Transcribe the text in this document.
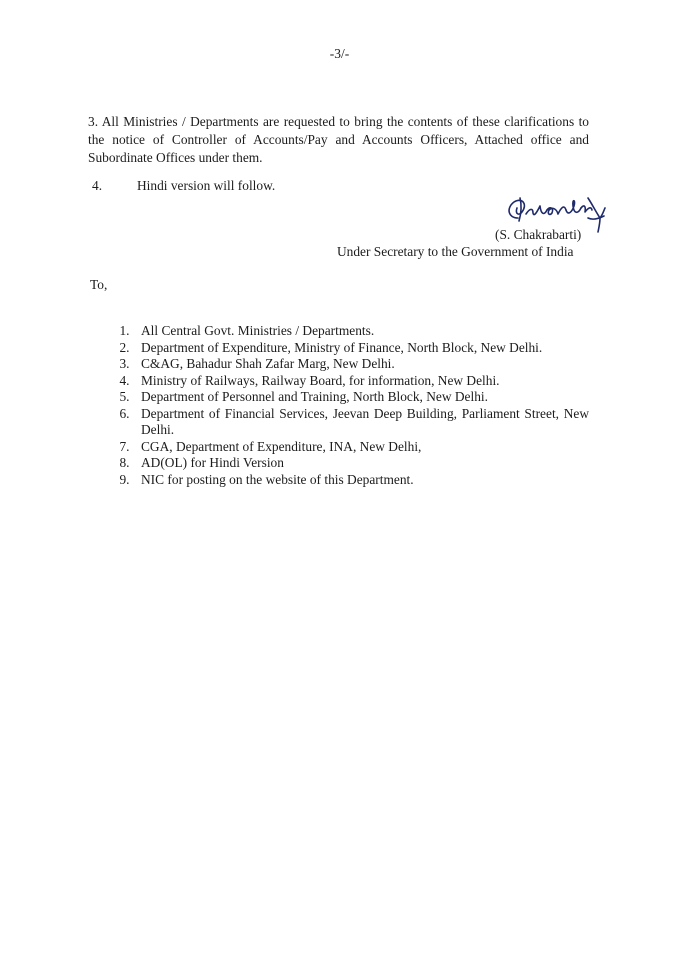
-3/-

3. All Ministries / Departments are requested to bring the contents of these clarifications to the notice of Controller of Accounts/Pay and Accounts Officers, Attached office and Subordinate Offices under them.

4.	Hindi version will follow.
(S. Chakrabarti)
Under Secretary to the Government of India
To,
1. All Central Govt. Ministries / Departments.
2. Department of Expenditure, Ministry of Finance, North Block, New Delhi.
3. C&AG, Bahadur Shah Zafar Marg, New Delhi.
4. Ministry of Railways, Railway Board, for information, New Delhi.
5. Department of Personnel and Training, North Block, New Delhi.
6. Department of Financial Services, Jeevan Deep Building, Parliament Street, New Delhi.
7. CGA, Department of Expenditure, INA, New Delhi,
8. AD(OL) for Hindi Version
9. NIC for posting on the website of this Department.
